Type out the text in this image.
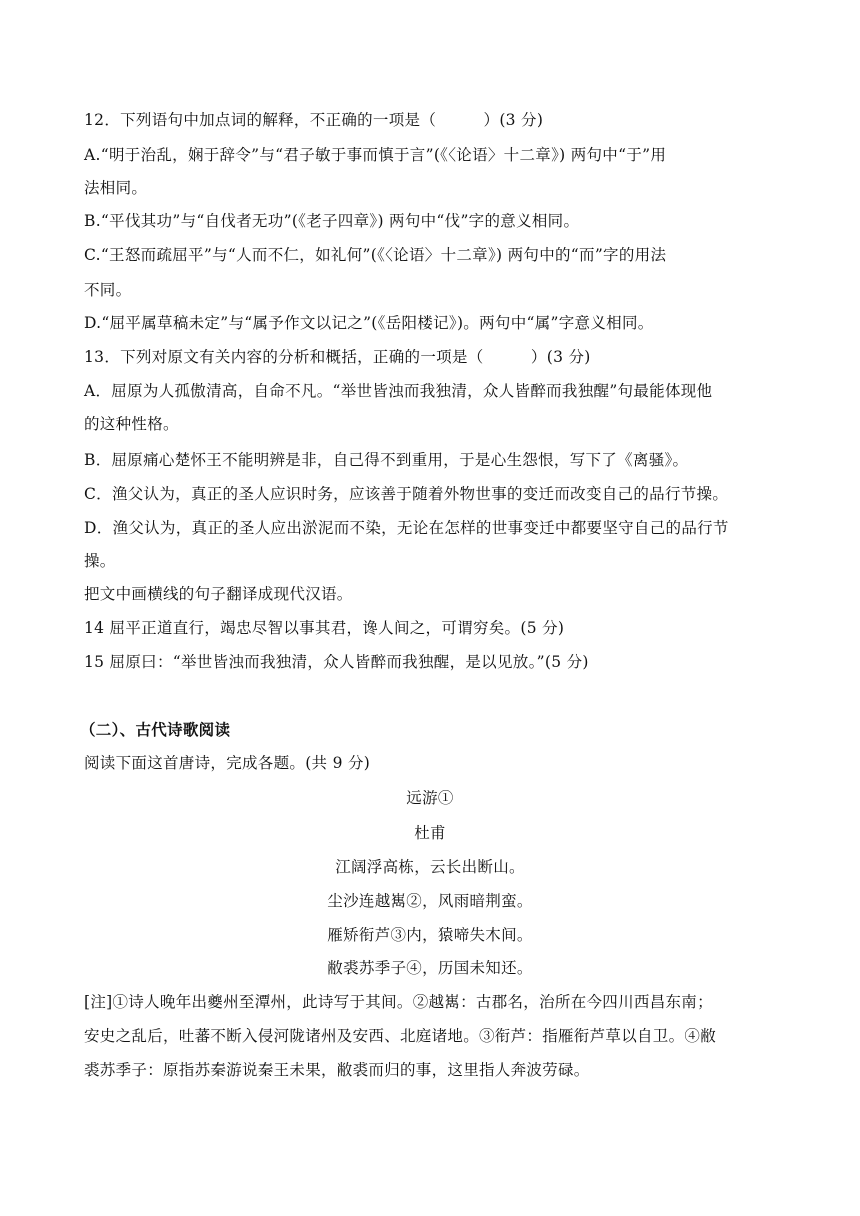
12．下列语句中加点词的解释，不正确的一项是（　　　）(3 分)
A.“明于治乱，娴于辞令”与“君子敏于事而慎于言”(《〈论语〉十二章》) 两句中“于”用
法相同。
B.“平伐其功”与“自伐者无功”(《老子四章》) 两句中“伐”字的意义相同。
C.“王怒而疏屈平”与“人而不仁，如礼何”(《〈论语〉十二章》) 两句中的“而”字的用法
不同。
D.“屈平属草稿未定”与“属予作文以记之”(《岳阳楼记》)。两句中“属”字意义相同。
13．下列对原文有关内容的分析和概括，正确的一项是（　　　）(3 分)
A．屈原为人孤傲清高，自命不凡。“举世皆浊而我独清，众人皆醉而我独醒”句最能体现他
的这种性格。
B．屈原痛心楚怀王不能明辨是非，自己得不到重用，于是心生怨恨，写下了《离骚》。
C．渔父认为，真正的圣人应识时务，应该善于随着外物世事的变迁而改变自己的品行节操。
D．渔父认为，真正的圣人应出淤泥而不染，无论在怎样的世事变迁中都要坚守自己的品行节
操。
把文中画横线的句子翻译成现代汉语。
14 屈平正道直行，竭忠尽智以事其君，谗人间之，可谓穷矣。(5 分)
15 屈原曰：“举世皆浊而我独清，众人皆醉而我独醒，是以见放。”(5 分)
（二）、古代诗歌阅读
阅读下面这首唐诗，完成各题。(共 9 分)
远游①
杜甫
江阔浮高栋，云长出断山。
尘沙连越嶲②，风雨暗荆蛮。
雁矫衔芦③内，猿啼失木间。
敝裘苏季子④，历国未知还。
[注]①诗人晚年出夔州至潭州，此诗写于其间。②越嶲：古郡名，治所在今四川西昌东南；
安史之乱后，吐蕃不断入侵河陇诸州及安西、北庭诸地。③衔芦：指雁衔芦草以自卫。④敝
裘苏季子：原指苏秦游说秦王未果，敝裘而归的事，这里指人奔波劳碌。
